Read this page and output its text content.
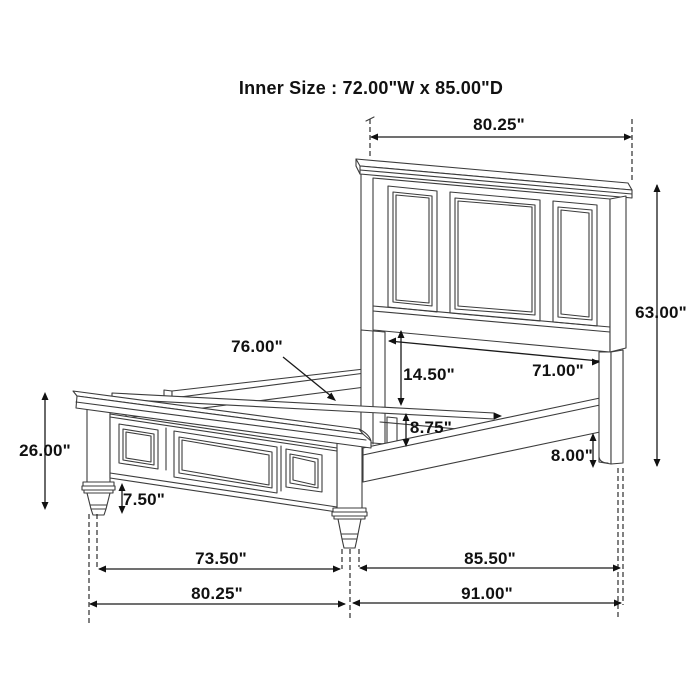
Inner Size : 72.00"W x 85.00"D
80.25"
63.00"
76.00"
14.50"	71.00"
8.75"
8.00"
26.00"
7.50"
73.50"	85.50"
80.25"	91.00"
